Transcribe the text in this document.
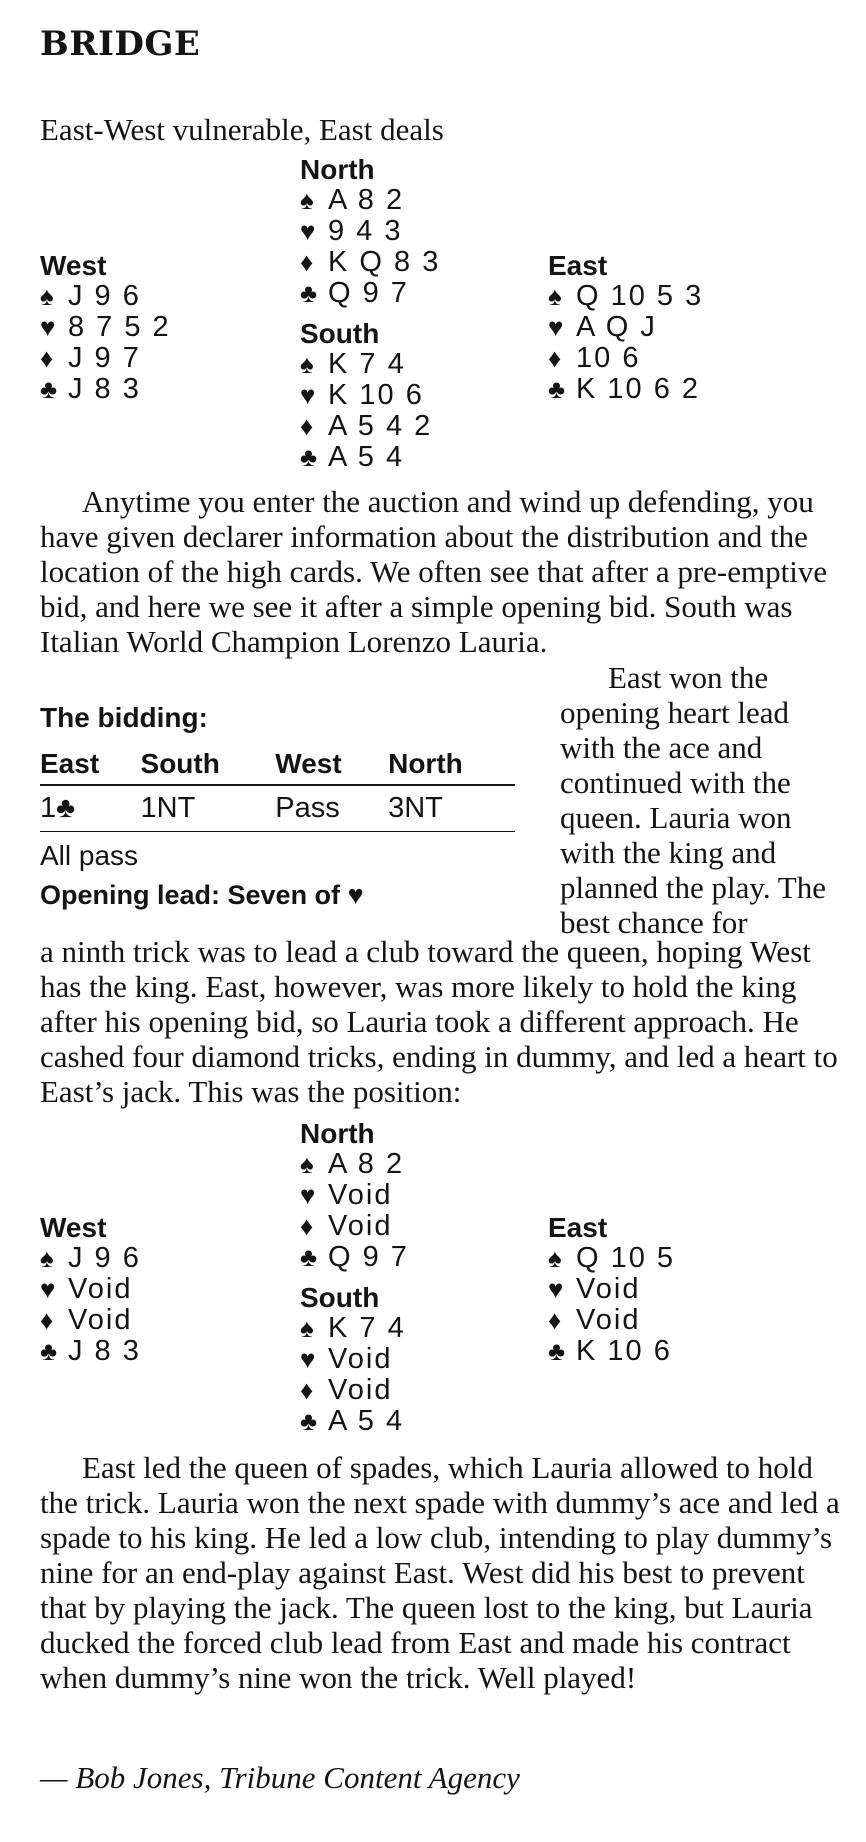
BRIDGE
East-West vulnerable, East deals
North
♠ A 8 2
♥ 9 4 3
♦ K Q 8 3
♣ Q 9 7
West
♠ J 9 6
♥ 8 7 5 2
♦ J 9 7
♣ J 8 3
East
♠ Q 10 5 3
♥ A Q J
♦ 10 6
♣ K 10 6 2
South
♠ K 7 4
♥ K 10 6
♦ A 5 4 2
♣ A 5 4

Anytime you enter the auction and wind up defending, you have given declarer information about the distribution and the location of the high cards. We often see that after a pre-emptive bid, and here we see it after a simple opening bid. South was Italian World Champion Lorenzo Lauria.

The bidding:
East	South	West	North
1♣	1NT	Pass	3NT
All pass
Opening lead: Seven of ♥

East won the opening heart lead with the ace and continued with the queen. Lauria won with the king and planned the play. The best chance for

a ninth trick was to lead a club toward the queen, hoping West has the king. East, however, was more likely to hold the king after his opening bid, so Lauria took a different approach. He cashed four diamond tricks, ending in dummy, and led a heart to East’s jack. This was the position:

North
♠ A 8 2
♥ Void
♦ Void
♣ Q 9 7
West
♠ J 9 6
♥ Void
♦ Void
♣ J 8 3
East
♠ Q 10 5
♥ Void
♦ Void
♣ K 10 6
South
♠ K 7 4
♥ Void
♦ Void
♣ A 5 4

East led the queen of spades, which Lauria allowed to hold the trick. Lauria won the next spade with dummy’s ace and led a spade to his king. He led a low club, intending to play dummy’s nine for an end-play against East. West did his best to prevent that by playing the jack. The queen lost to the king, but Lauria ducked the forced club lead from East and made his contract when dummy’s nine won the trick. Well played!

— Bob Jones, Tribune Content Agency
